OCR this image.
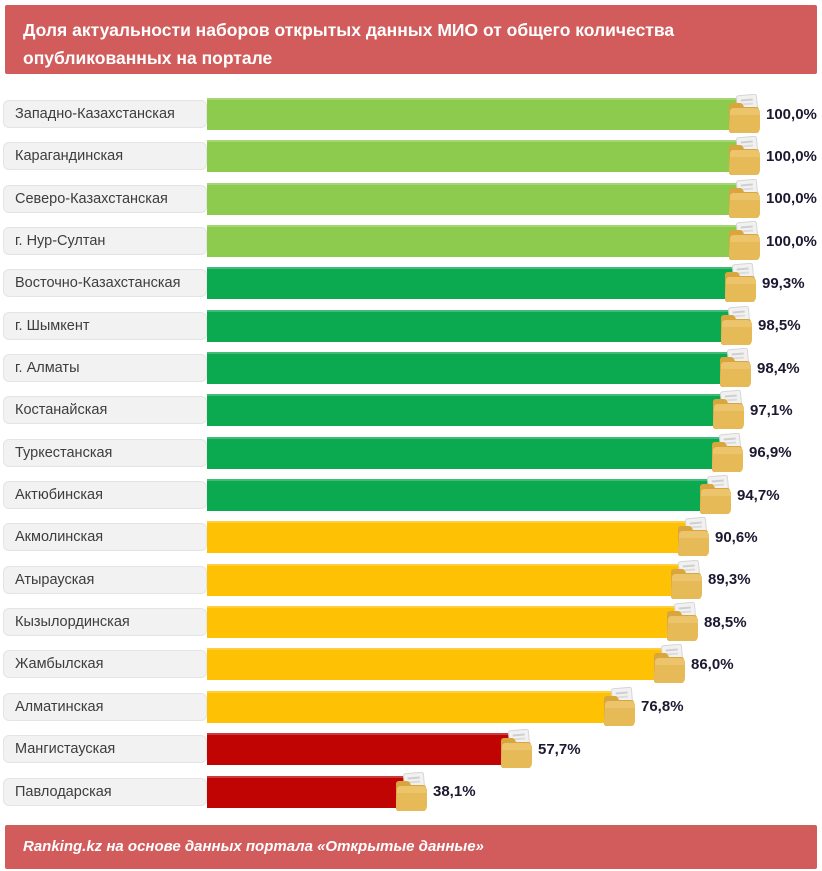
Доля актуальности наборов открытых данных МИО от общего количества опубликованных на портале
Западно-Казахстанская	100,0%
Карагандинская	100,0%
Северо-Казахстанская	100,0%
г. Нур-Султан	100,0%
Восточно-Казахстанская	99,3%
г. Шымкент	98,5%
г. Алматы	98,4%
Костанайская	97,1%
Туркестанская	96,9%
Актюбинская	94,7%
Акмолинская	90,6%
Атырауская	89,3%
Кызылординская	88,5%
Жамбылская	86,0%
Алматинская	76,8%
Мангистауская	57,7%
Павлодарская	38,1%
Ranking.kz на основе данных портала «Открытые данные»
